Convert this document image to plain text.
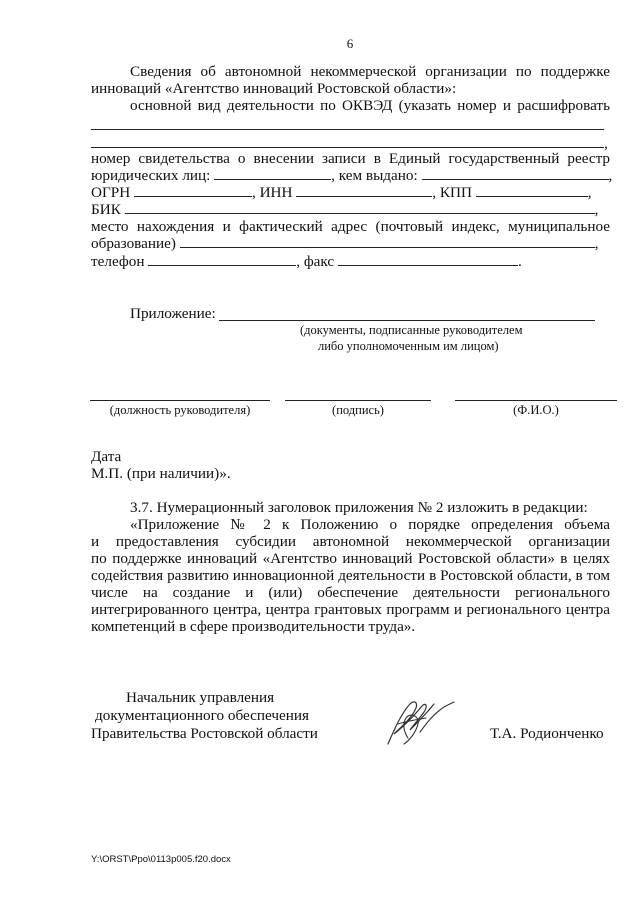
6
Сведения об автономной некоммерческой организации по поддержке
инноваций «Агентство инноваций Ростовской области»:
основной вид деятельности по ОКВЭД (указать номер и расшифровать
,
номер свидетельства о внесении записи в Единый государственный реестр
юридических лиц:	, кем выдано:	,
ОГРН	, ИНН	, КПП	,
БИК	,
место нахождения и фактический адрес (почтовый индекс, муниципальное
образование)	,
телефон	, факс	.
Приложение:
(документы, подписанные руководителем
либо уполномоченным им лицом)
(должность руководителя)	(подпись)	(Ф.И.О.)
Дата
М.П. (при наличии)».
3.7. Нумерационный заголовок приложения № 2 изложить в редакции:
«Приложение № 2 к Положению о порядке определения объема
и предоставления субсидии автономной некоммерческой организации
по поддержке инноваций «Агентство инноваций Ростовской области» в целях
содействия развитию инновационной деятельности в Ростовской области, в том
числе на создание и (или) обеспечение деятельности регионального
интегрированного центра, центра грантовых программ и регионального центра
компетенций в сфере производительности труда».
Начальник управления
документационного обеспечения
Правительства Ростовской области	Т.А. Родионченко
Y:\ORST\Ppo\0113p005.f20.docx
